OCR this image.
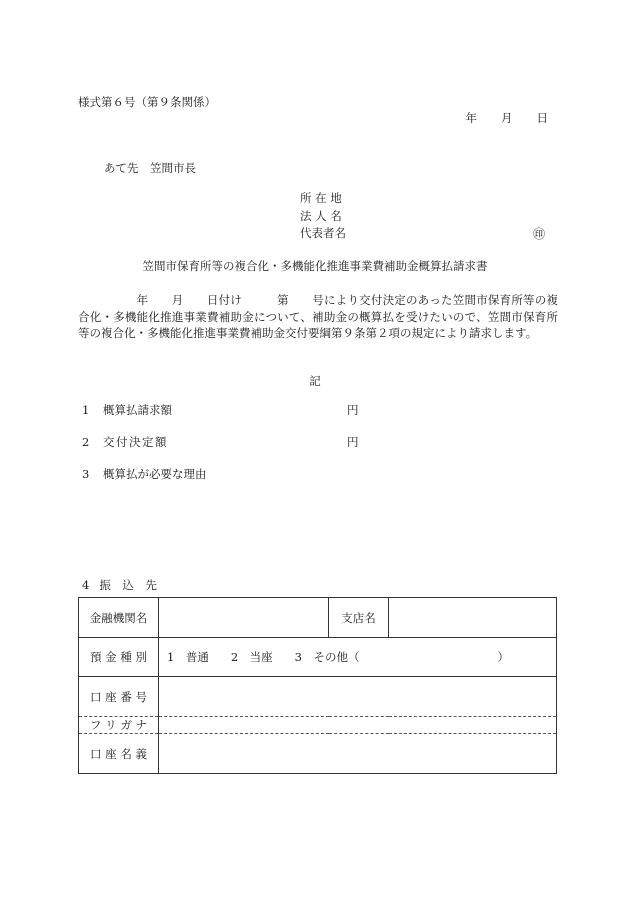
様式第６号（第９条関係）
年 月 日
あて先　笠間市長
所 在 地
法 人 名
代表者名	㊞
笠間市保育所等の複合化・多機能化推進事業費補助金概算払請求書
　　　　　年　　月　　日付け　　　第　　号により交付決定のあった笠間市保育所等の複合化・多機能化推進事業費補助金について、補助金の概算払を受けたいので、笠間市保育所等の複合化・多機能化推進事業費補助金交付要綱第９条第２項の規定により請求します。
記
1 概算払請求額	円
2 交付決定額	円
3 概算払が必要な理由
4 振　込　先
金融機関名		支店名	
預 金 種 別	1　普通 2　当座 3　その他（ ）		
口 座 番 号			
フ リ ガ ナ			
口 座 名 義			
